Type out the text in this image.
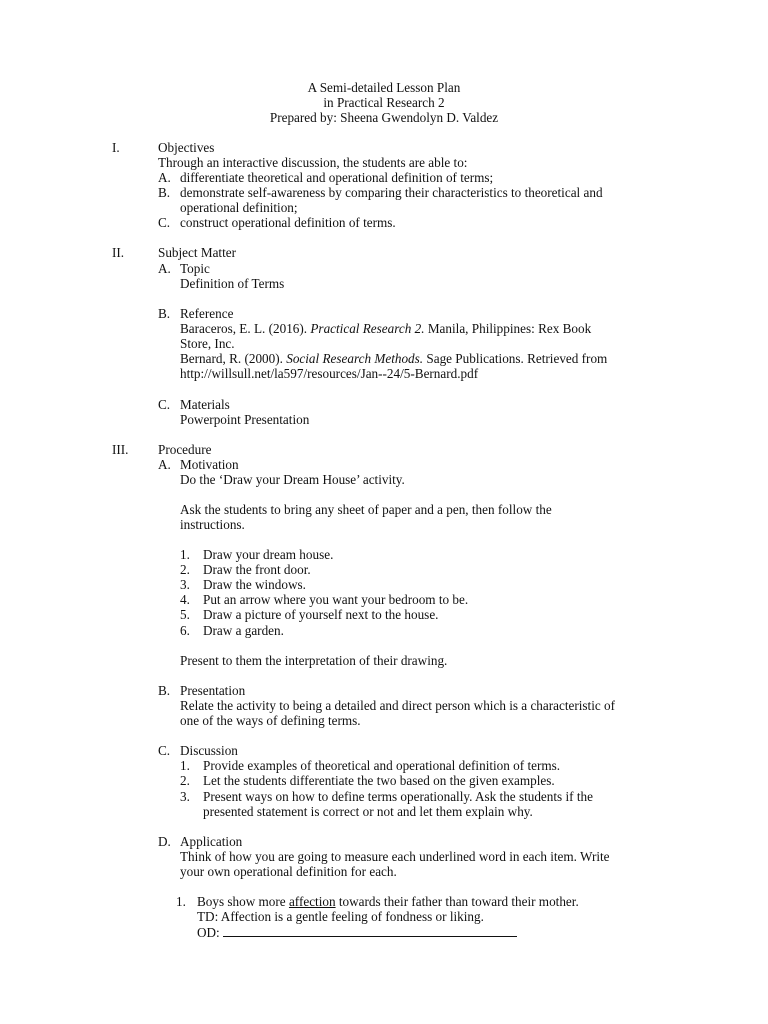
A Semi-detailed Lesson Plan
in Practical Research 2
Prepared by: Sheena Gwendolyn D. Valdez
I.	Objectives
Through an interactive discussion, the students are able to:
A. differentiate theoretical and operational definition of terms;
B. demonstrate self-awareness by comparing their characteristics to theoretical and
operational definition;
C. construct operational definition of terms.
II.	Subject Matter
A. Topic
Definition of Terms
B. Reference
Baraceros, E. L. (2016). Practical Research 2. Manila, Philippines: Rex Book
Store, Inc.
Bernard, R. (2000). Social Research Methods. Sage Publications. Retrieved from
http://willsull.net/la597/resources/Jan--24/5-Bernard.pdf
C. Materials
Powerpoint Presentation
III. Procedure
A. Motivation
Do the ‘Draw your Dream House’ activity.
Ask the students to bring any sheet of paper and a pen, then follow the
instructions.
1. Draw your dream house.
2. Draw the front door.
3. Draw the windows.
4. Put an arrow where you want your bedroom to be.
5. Draw a picture of yourself next to the house.
6. Draw a garden.
Present to them the interpretation of their drawing.
B. Presentation
Relate the activity to being a detailed and direct person which is a characteristic of
one of the ways of defining terms.
C. Discussion
1. Provide examples of theoretical and operational definition of terms.
2. Let the students differentiate the two based on the given examples.
3. Present ways on how to define terms operationally. Ask the students if the
presented statement is correct or not and let them explain why.
D. Application
Think of how you are going to measure each underlined word in each item. Write
your own operational definition for each.
1. Boys show more affection towards their father than toward their mother.
TD: Affection is a gentle feeling of fondness or liking.
OD:
